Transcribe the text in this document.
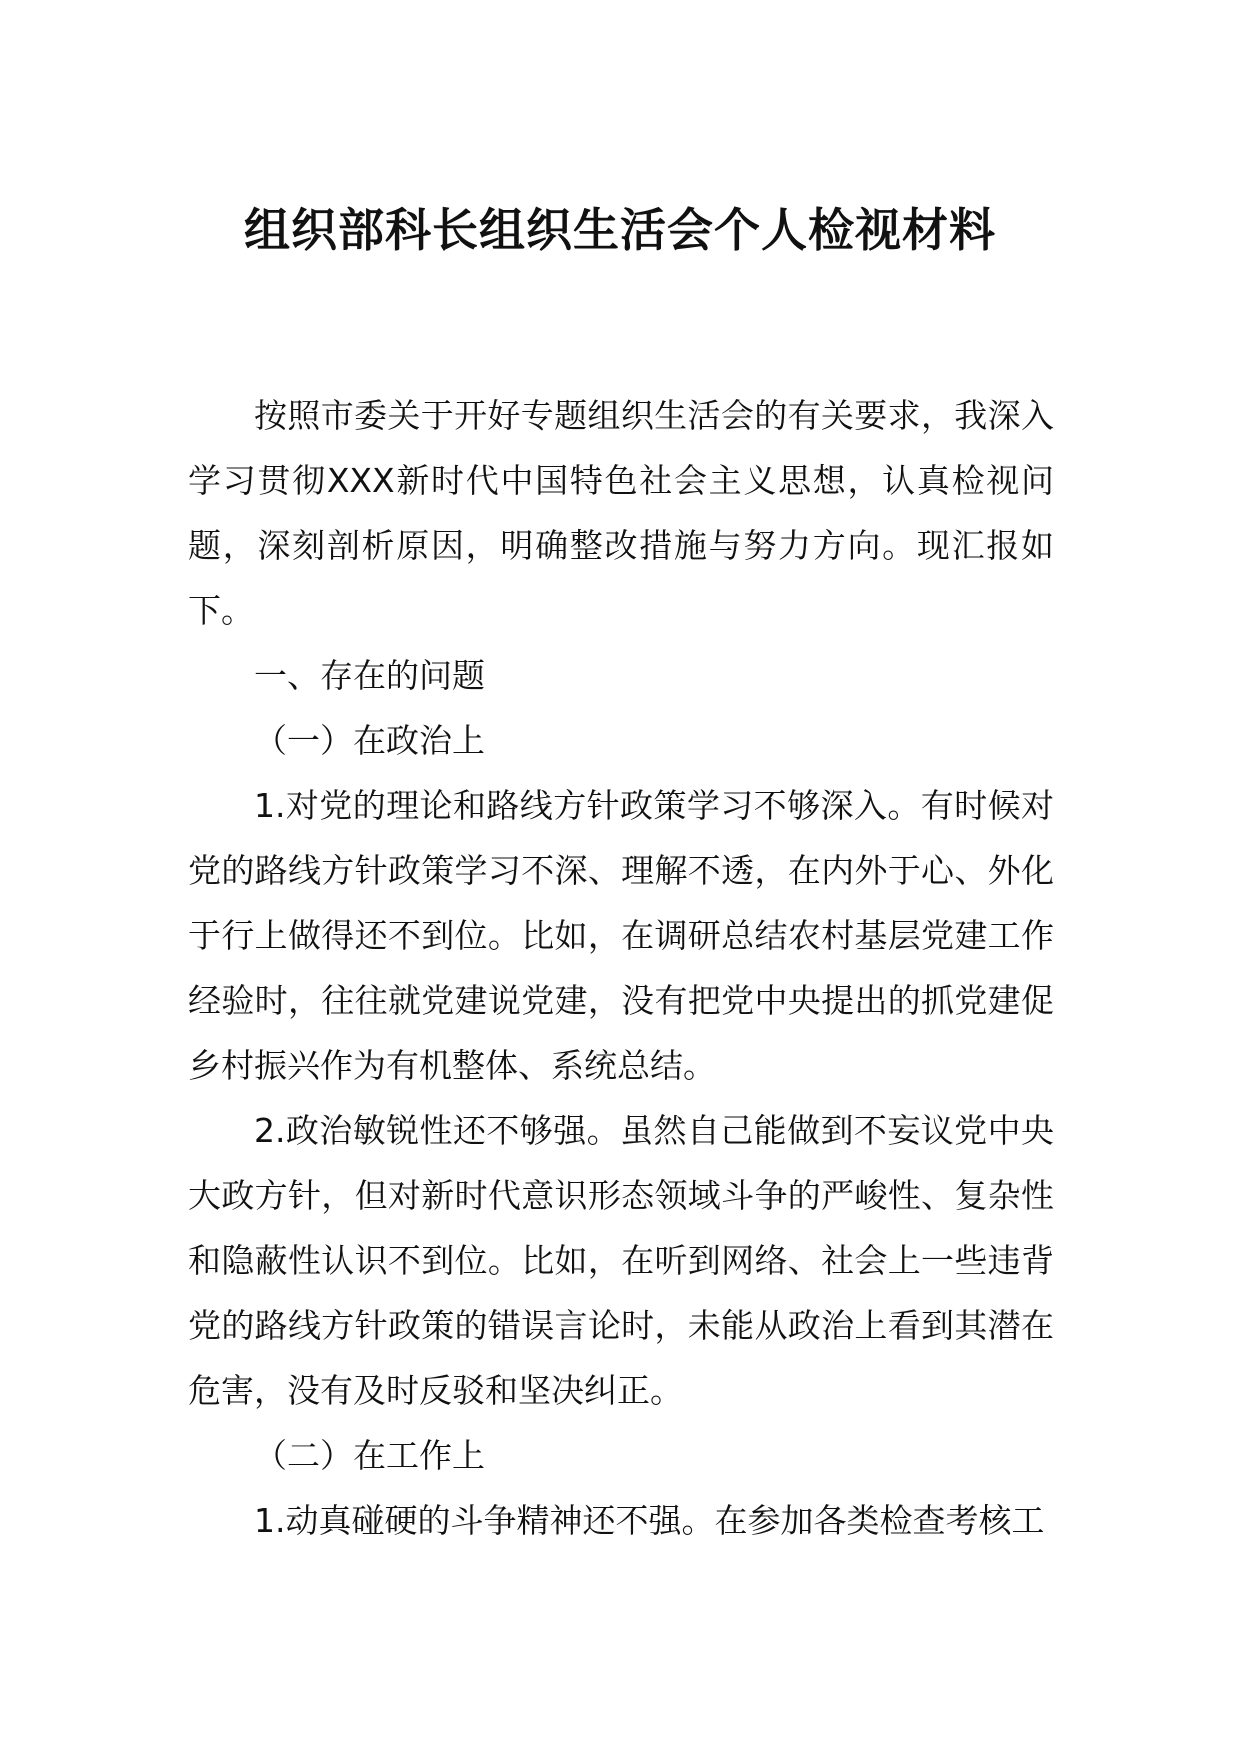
组织部科长组织生活会个人检视材料

按照市委关于开好专题组织生活会的有关要求，我深入学习贯彻XXX新时代中国特色社会主义思想，认真检视问题，深刻剖析原因，明确整改措施与努力方向。现汇报如下。

一、存在的问题

（一）在政治上

1.对党的理论和路线方针政策学习不够深入。有时候对党的路线方针政策学习不深、理解不透，在内外于心、外化于行上做得还不到位。比如，在调研总结农村基层党建工作经验时，往往就党建说党建，没有把党中央提出的抓党建促乡村振兴作为有机整体、系统总结。

2.政治敏锐性还不够强。虽然自己能做到不妄议党中央大政方针，但对新时代意识形态领域斗争的严峻性、复杂性和隐蔽性认识不到位。比如，在听到网络、社会上一些违背党的路线方针政策的错误言论时，未能从政治上看到其潜在危害，没有及时反驳和坚决纠正。

（二）在工作上

1.动真碰硬的斗争精神还不强。在参加各类检查考核工
